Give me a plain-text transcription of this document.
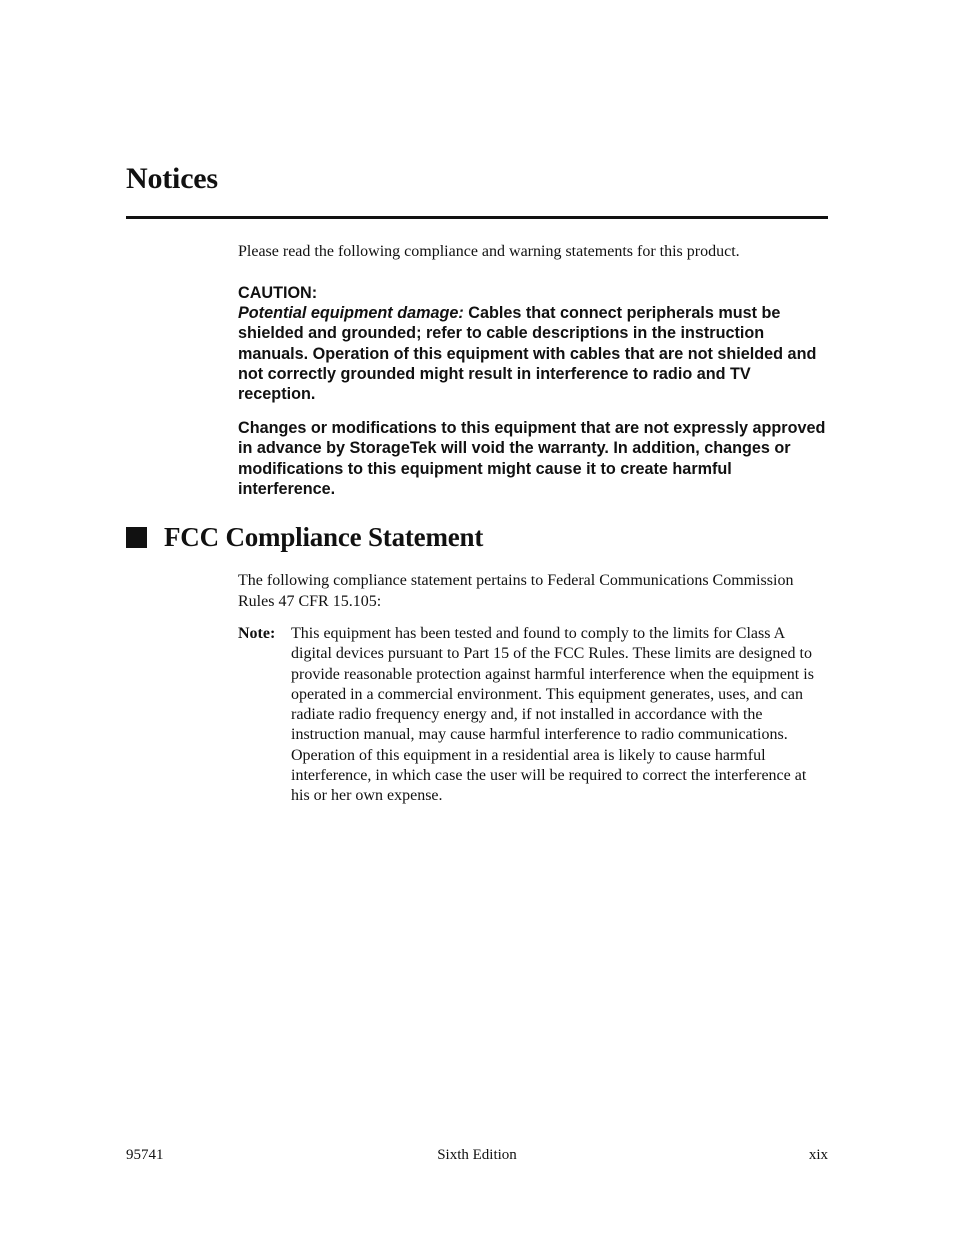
Notices

Please read the following compliance and warning statements for this product.

CAUTION:
Potential equipment damage: Cables that connect peripherals must be shielded and grounded; refer to cable descriptions in the instruction manuals. Operation of this equipment with cables that are not shielded and not correctly grounded might result in interference to radio and TV reception.

Changes or modifications to this equipment that are not expressly approved in advance by StorageTek will void the warranty. In addition, changes or modifications to this equipment might cause it to create harmful interference.

FCC Compliance Statement

The following compliance statement pertains to Federal Communications Commission Rules 47 CFR 15.105:

Note: This equipment has been tested and found to comply to the limits for Class A digital devices pursuant to Part 15 of the FCC Rules. These limits are designed to provide reasonable protection against harmful interference when the equipment is operated in a commercial environment. This equipment generates, uses, and can radiate radio frequency energy and, if not installed in accordance with the instruction manual, may cause harmful interference to radio communications. Operation of this equipment in a residential area is likely to cause harmful interference, in which case the user will be required to correct the interference at his or her own expense.

95741	Sixth Edition	xix
